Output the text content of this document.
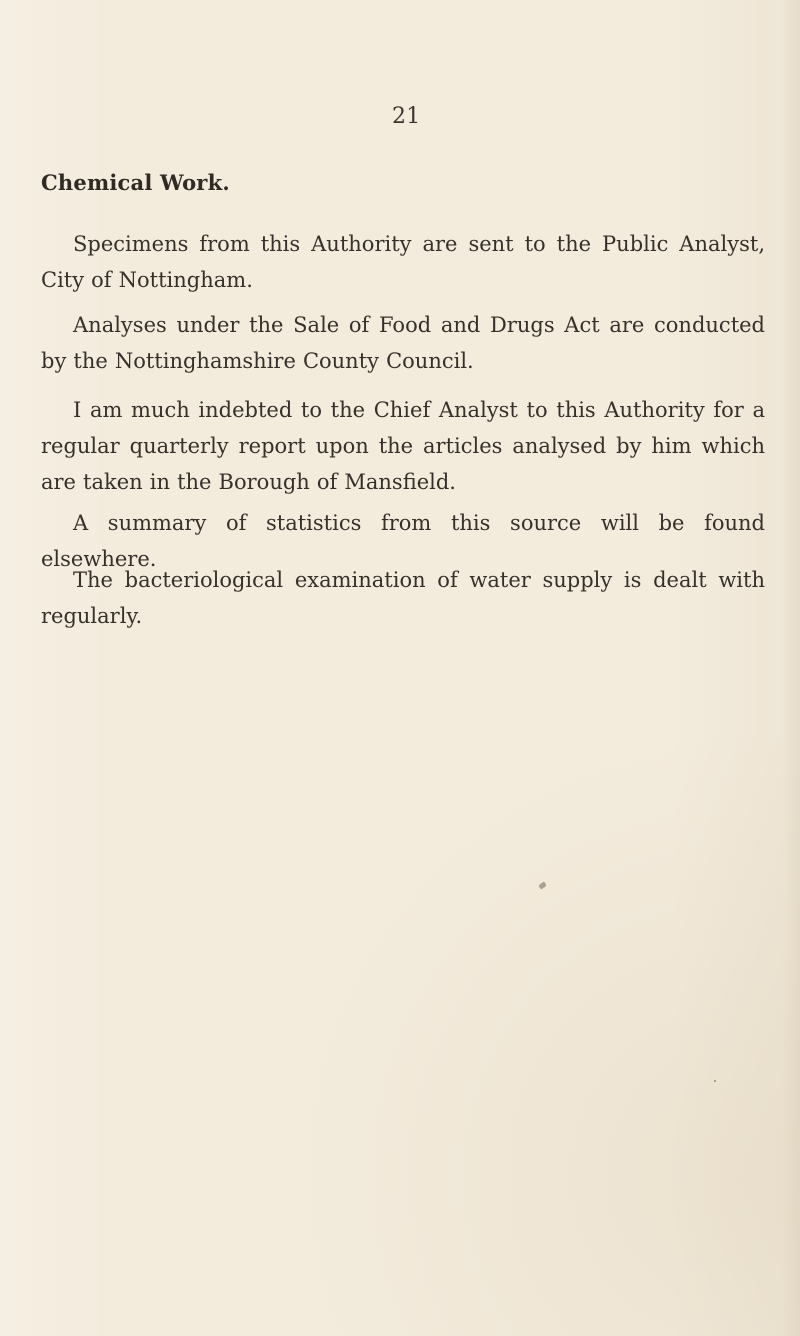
21
Chemical Work.

Specimens from this Authority are sent to the Public Analyst, City of Nottingham.

Analyses under the Sale of Food and Drugs Act are conducted by the Nottinghamshire County Council.

I am much indebted to the Chief Analyst to this Authority for a regular quarterly report upon the articles analysed by him which are taken in the Borough of Mansfield.

A summary of statistics from this source will be found elsewhere.

The bacteriological examination of water supply is dealt with regularly.
